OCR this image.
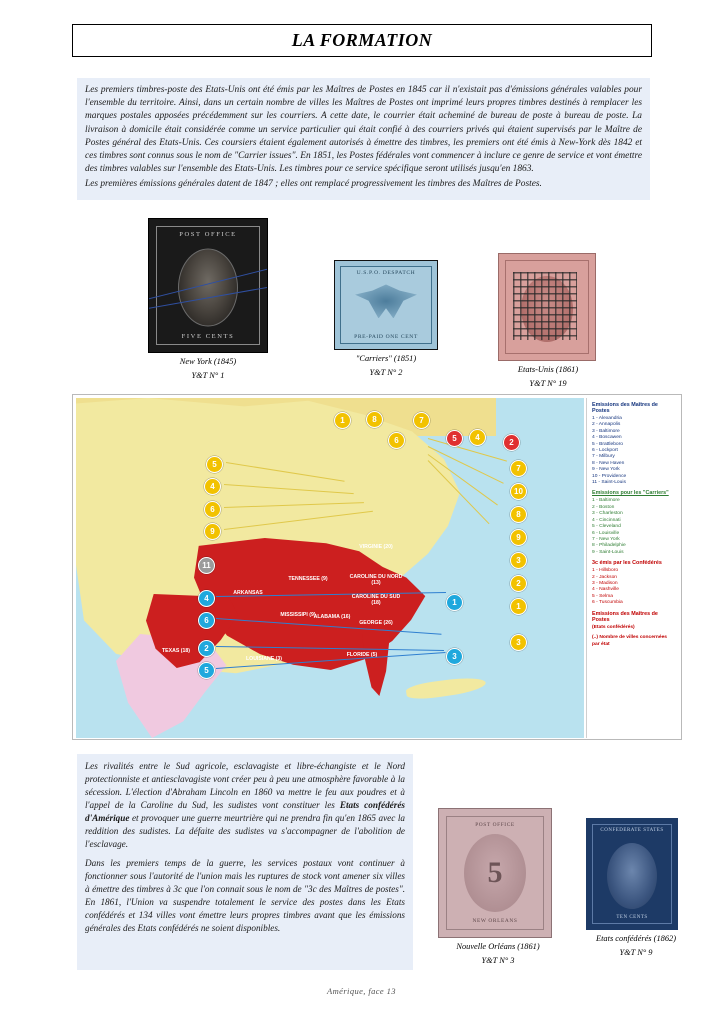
LA FORMATION

Les premiers timbres-poste des Etats-Unis ont été émis par les Maîtres de Postes en 1845 car il n'existait pas d'émissions générales valables pour l'ensemble du territoire. Ainsi, dans un certain nombre de villes les Maîtres de Postes ont imprimé leurs propres timbres destinés à remplacer les marques postales apposées précédemment sur les courriers. A cette date, le courrier était acheminé de bureau de poste à bureau de poste. La livraison à domicile était considérée comme un service particulier qui était confié à des courriers privés qui étaient supervisés par le Maître de Postes général des Etats-Unis. Ces coursiers étaient également autorisés à émettre des timbres, les premiers ont été émis à New-York dès 1842 et ces timbres sont connus sous le nom de "Carrier issues". En 1851, les Postes fédérales vont commencer à inclure ce genre de service et vont émettre des timbres valables sur l'ensemble des Etats-Unis. Les timbres pour ce service spécifique seront utilisés jusqu'en 1863.

Les premières émissions générales datent de 1847 ; elles ont remplacé progressivement les timbres des Maîtres de Postes.

POST OFFICE
FIVE CENTS
New York (1845)
Y&T N° 1
U.S.P.O. DESPATCH
PRE-PAID ONE CENT
"Carriers" (1851)
Y&T N° 2	Etats-Unis (1861)
Y&T N° 19
1	8	7
6	5	4
2
5
4
6
9
11
4
6
2
5
7
10
8
9
3
2
1
3
1
3
VIRGINIE (20)
CAROLINE DU NORD (13)
CAROLINE DU SUD (18)
TENNESSEE (9)
ARKANSAS
ALABAMA (16)
GEORGE (26)
MISSISSIPI (9)
TEXAS (18)
LOUISIANE (3)
FLORIDE (5)
Emissions des Maîtres de Postes
1 - Alexandria
2 - Annapolis
3 - Baltimore
4 - Boscawen
5 - Brattleboro
6 - Lockport
7 - Milbury
8 - New Haven
9 - New York
10 - Providence
11 - Saint-Louis
Emissions pour les "Carriers"
1 - Baltimore
2 - Boston
3 - Charleston
4 - Cincinnati
5 - Cleveland
6 - Louisville
7 - New York
8 - Philadelphie
9 - Saint-Louis
3c émis par les Confédérés
1 - Hillsboro
2 - Jackson
3 - Madison
4 - Nashville
5 - Selma
6 - Tuscumbia
Emissions des Maîtres de Postes
(Etats confédérés)
(..) Nombre de villes concernées par état

Les rivalités entre le Sud agricole, esclavagiste et libre-échangiste et le Nord protectionniste et antiesclavagiste vont créer peu à peu une atmosphère favorable à la sécession. L'élection d'Abraham Lincoln en 1860 va mettre le feu aux poudres et à l'appel de la Caroline du Sud, les sudistes vont constituer les Etats confédérés d'Amérique et provoquer une guerre meurtrière qui ne prendra fin qu'en 1865 avec la reddition des sudistes. La défaite des sudistes va s'accompagner de l'abolition de l'esclavage.

Dans les premiers temps de la guerre, les services postaux vont continuer à fonctionner sous l'autorité de l'union mais les ruptures de stock vont amener six villes à émettre des timbres à 3c que l'on connait sous le nom de "3c des Maîtres de postes". En 1861, l'Union va suspendre totalement le service des postes dans les Etats confédérés et 134 villes vont émettre leurs propres timbres avant que les émissions générales des Etats confédérés ne soient disponibles.

POST OFFICE
5
NEW ORLEANS
Nouvelle Orléans (1861)
Y&T N° 3
CONFEDERATE STATES
TEN CENTS
Etats confédérés (1862)
Y&T N° 9
Amérique, face 13
